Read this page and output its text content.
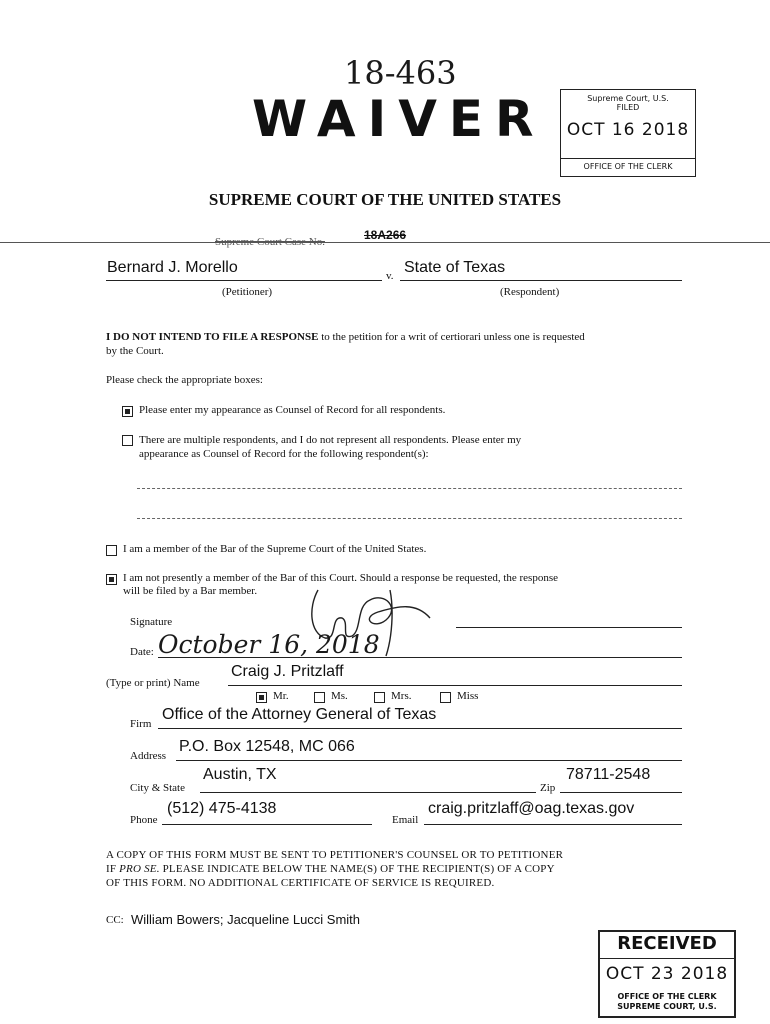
18-463
WAIVER	Supreme Court, U.S.
FILED
OCT 16 2018
OFFICE OF THE CLERK
SUPREME COURT OF THE UNITED STATES
Supreme Court Case No.	18A266
Bernard J. Morello	v. State of Texas
(Petitioner)	(Respondent)
I DO NOT INTEND TO FILE A RESPONSE to the petition for a writ of certiorari unless one is requested
by the Court.
Please check the appropriate boxes:
Please enter my appearance as Counsel of Record for all respondents.
There are multiple respondents, and I do not represent all respondents. Please enter my
appearance as Counsel of Record for the following respondent(s):
I am a member of the Bar of the Supreme Court of the United States.
I am not presently a member of the Bar of this Court. Should a response be requested, the response
will be filed by a Bar member.
Signature
Date: October 16, 2018
(Type or print) Name
Craig J. Pritzlaff
Mr.	Ms.	Mrs.	Miss
Firm
Office of the Attorney General of Texas
Address
P.O. Box 12548, MC 066
City & State
Austin, TX
Zip
78711-2548
Phone
(512) 475-4138
Email
craig.pritzlaff@oag.texas.gov
A COPY OF THIS FORM MUST BE SENT TO PETITIONER'S COUNSEL OR TO PETITIONER
IF PRO SE. PLEASE INDICATE BELOW THE NAME(S) OF THE RECIPIENT(S) OF A COPY
OF THIS FORM. NO ADDITIONAL CERTIFICATE OF SERVICE IS REQUIRED.
CC: William Bowers; Jacqueline Lucci Smith
RECEIVED
OCT 23 2018
OFFICE OF THE CLERK
SUPREME COURT, U.S.
